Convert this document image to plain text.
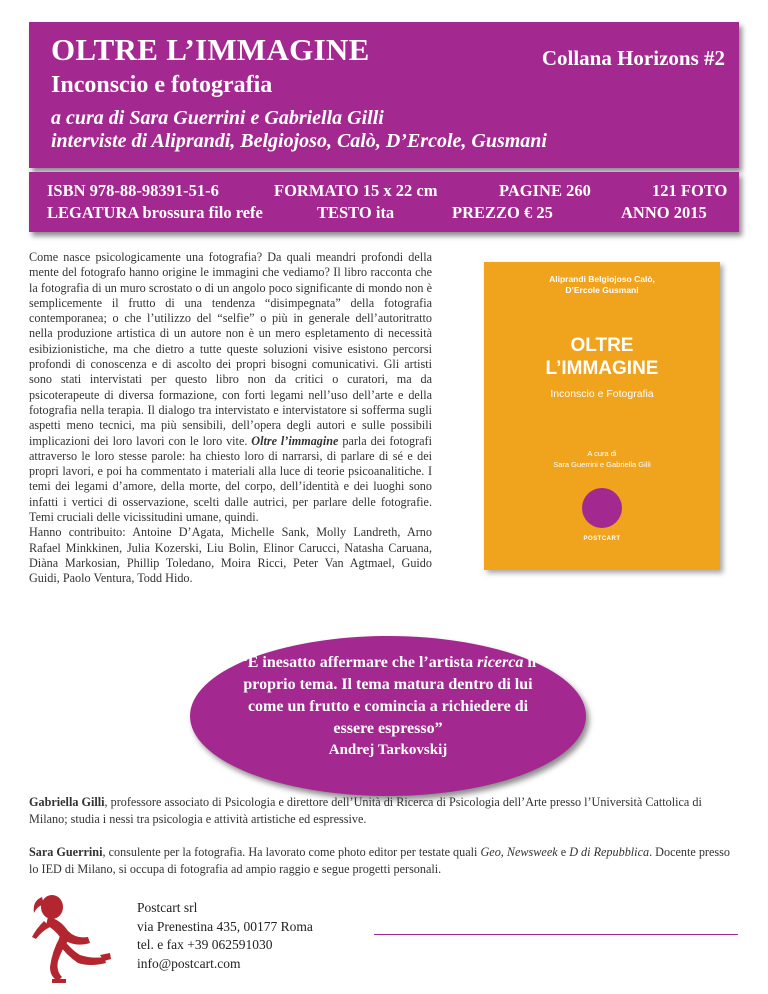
OLTRE L’IMMAGINE	Collana Horizons #2
Inconscio e fotografia
a cura di Sara Guerrini e Gabriella Gilli
interviste di Aliprandi, Belgiojoso, Calò, D’Ercole, Gusmani
ISBN 978-88-98391-51-6	FORMATO 15 x 22 cm	PAGINE 260	121 FOTO
LEGATURA brossura filo refe	TESTO ita	PREZZO € 25	ANNO 2015

Come nasce psicologicamente una fotografia? Da quali meandri profondi della mente del fotografo hanno origine le immagini che vediamo? Il libro racconta che la fotografia di un muro scrostato o di un angolo poco significante di mondo non è semplicemente il frutto di una tendenza “disimpegnata” della fotografia contemporanea; o che l’utilizzo del “selfie” o più in generale dell’autoritratto nella produzione artistica di un autore non è un mero espletamento di necessità esibizionistiche, ma che dietro a tutte queste soluzioni visive esistono percorsi profondi di conoscenza e di ascolto dei propri bisogni comunicativi. Gli artisti sono stati intervistati per questo libro non da critici o curatori, ma da psicoterapeute di diversa formazione, con forti legami nell’uso dell’arte e della fotografia nella terapia. Il dialogo tra intervistato e intervistatore si sofferma sugli aspetti meno tecnici, ma più sensibili, dell’opera degli autori e sulle possibili implicazioni dei loro lavori con le loro vite. Oltre l’immagine parla dei fotografi attraverso le loro stesse parole: ha chiesto loro di narrarsi, di parlare di sé e dei propri lavori, e poi ha commentato i materiali alla luce di teorie psicoanalitiche. I temi dei legami d’amore, della morte, del corpo, dell’identità e dei luoghi sono infatti i vertici di osservazione, scelti dalle autrici, per parlare delle fotografie. Temi cruciali delle vicissitudini umane, quindi.

Hanno contribuito: Antoine D’Agata, Michelle Sank, Molly Landreth, Arno Rafael Minkkinen, Julia Kozerski, Liu Bolin, Elinor Carucci, Natasha Caruana, Diàna Markosian, Phillip Toledano, Moira Ricci, Peter Van Agtmael, Guido Guidi, Paolo Ventura, Todd Hido.

Aliprandi Belgiojoso Calò,
D’Ercole Gusmani
OLTRE
L’IMMAGINE
Inconscio e Fotografia
A cura di
Sara Guerrini e Gabriella Gilli
POSTCART
“È inesatto affermare che l’artista ricerca il proprio tema. Il tema matura dentro di lui come un frutto e comincia a richiedere di essere espresso”
Andrej Tarkovskij
Gabriella Gilli, professore associato di Psicologia e direttore dell’Unità di Ricerca di Psicologia dell’Arte presso l’Università Cattolica di Milano; studia i nessi tra psicologia e attività artistiche ed espressive.
Sara Guerrini, consulente per la fotografia. Ha lavorato come photo editor per testate quali Geo, Newsweek e D di Repubblica. Docente presso lo IED di Milano, si occupa di fotografia ad ampio raggio e segue progetti personali.
Postcart srl
via Prenestina 435, 00177 Roma
tel. e fax +39 062591030
info@postcart.com
